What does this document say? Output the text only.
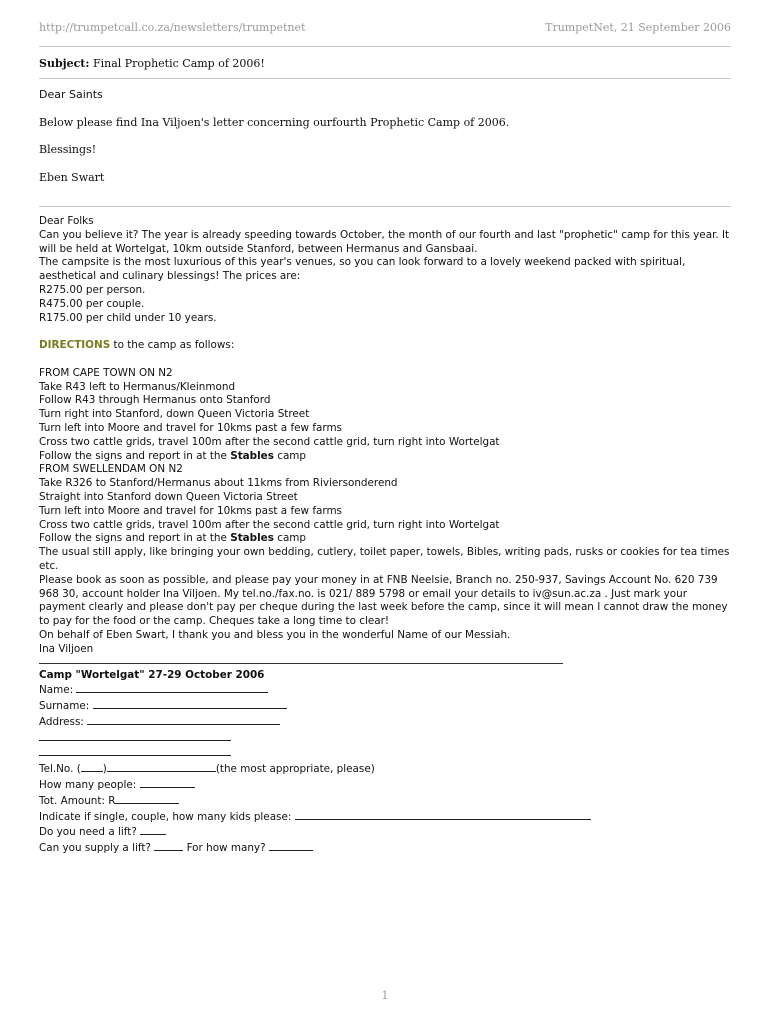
http://trumpetcall.co.za/newsletters/trumpetnet	TrumpetNet, 21 September 2006
Subject: Final Prophetic Camp of 2006!
Dear Saints
Below please find Ina Viljoen's letter concerning ourfourth Prophetic Camp of 2006.
Blessings!
Eben Swart
Dear Folks
Can you believe it? The year is already speeding towards October, the month of our fourth and last "prophetic" camp for this year. It will be held at Wortelgat, 10km outside Stanford, between Hermanus and Gansbaai.
The campsite is the most luxurious of this year's venues, so you can look forward to a lovely weekend packed with spiritual, aesthetical and culinary blessings! The prices are:
R275.00 per person.
R475.00 per couple.
R175.00 per child under 10 years.
DIRECTIONS to the camp as follows:
FROM CAPE TOWN ON N2
Take R43 left to Hermanus/Kleinmond
Follow R43 through Hermanus onto Stanford
Turn right into Stanford, down Queen Victoria Street
Turn left into Moore and travel for 10kms past a few farms
Cross two cattle grids, travel 100m after the second cattle grid, turn right into Wortelgat
Follow the signs and report in at the Stables camp
FROM SWELLENDAM ON N2
Take R326 to Stanford/Hermanus about 11kms from Riviersonderend
Straight into Stanford down Queen Victoria Street
Turn left into Moore and travel for 10kms past a few farms
Cross two cattle grids, travel 100m after the second cattle grid, turn right into Wortelgat
Follow the signs and report in at the Stables camp
The usual still apply, like bringing your own bedding, cutlery, toilet paper, towels, Bibles, writing pads, rusks or cookies for tea times etc.
Please book as soon as possible, and please pay your money in at FNB Neelsie, Branch no. 250-937, Savings Account No. 620 739 968 30, account holder Ina Viljoen. My tel.no./fax.no. is 021/ 889 5798 or email your details to iv@sun.ac.za . Just mark your payment clearly and please don't pay per cheque during the last week before the camp, since it will mean I cannot draw the money to pay for the food or the camp. Cheques take a long time to clear!
On behalf of Eben Swart, I thank you and bless you in the wonderful Name of our Messiah.
Ina Viljoen
Camp "Wortelgat" 27-29 October 2006
Name:
Surname:
Address:
Tel.No. ( )	(the most appropriate, please)
How many people:
Tot. Amount: R
Indicate if single, couple, how many kids please:
Do you need a lift?
Can you supply a lift?	For how many?
1
